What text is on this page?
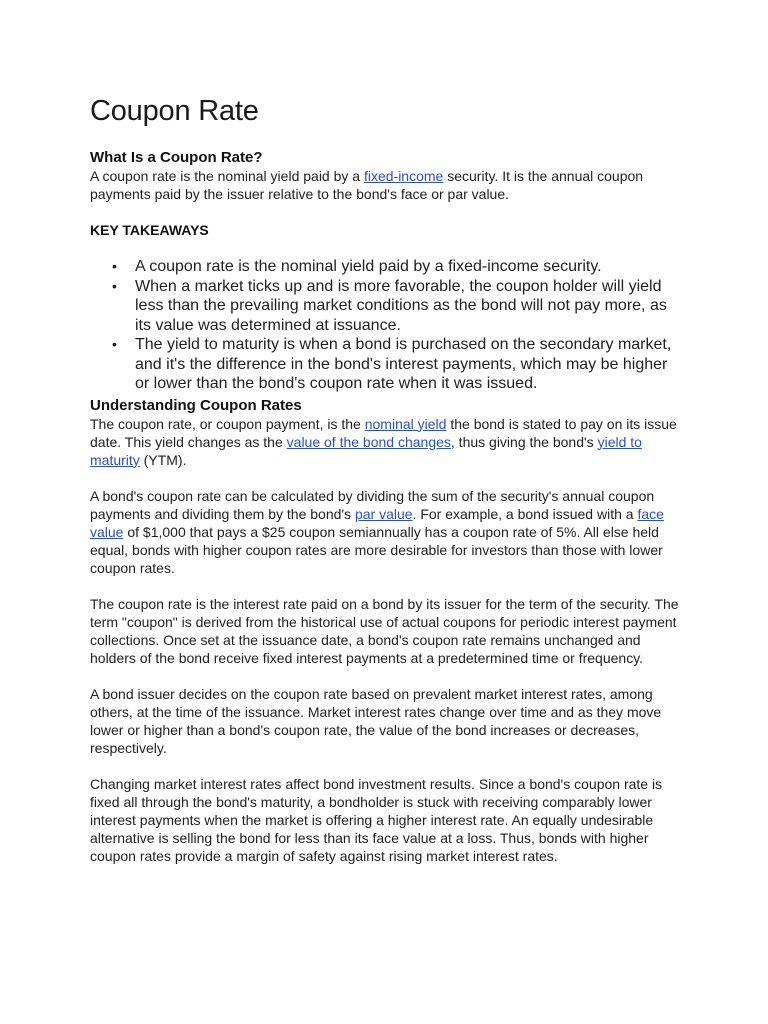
Coupon Rate
What Is a Coupon Rate?

A coupon rate is the nominal yield paid by a fixed-income security. It is the annual coupon payments paid by the issuer relative to the bond's face or par value.

KEY TAKEAWAYS

• A coupon rate is the nominal yield paid by a fixed-income security.
• When a market ticks up and is more favorable, the coupon holder will yield less than the prevailing market conditions as the bond will not pay more, as its value was determined at issuance.
• The yield to maturity is when a bond is purchased on the secondary market, and it's the difference in the bond's interest payments, which may be higher or lower than the bond's coupon rate when it was issued.
Understanding Coupon Rates

The coupon rate, or coupon payment, is the nominal yield the bond is stated to pay on its issue date. This yield changes as the value of the bond changes, thus giving the bond's yield to maturity (YTM).

A bond's coupon rate can be calculated by dividing the sum of the security's annual coupon payments and dividing them by the bond's par value. For example, a bond issued with a face value of $1,000 that pays a $25 coupon semiannually has a coupon rate of 5%. All else held equal, bonds with higher coupon rates are more desirable for investors than those with lower coupon rates.

The coupon rate is the interest rate paid on a bond by its issuer for the term of the security. The term "coupon" is derived from the historical use of actual coupons for periodic interest payment collections. Once set at the issuance date, a bond's coupon rate remains unchanged and holders of the bond receive fixed interest payments at a predetermined time or frequency.

A bond issuer decides on the coupon rate based on prevalent market interest rates, among others, at the time of the issuance. Market interest rates change over time and as they move lower or higher than a bond's coupon rate, the value of the bond increases or decreases, respectively.

Changing market interest rates affect bond investment results. Since a bond's coupon rate is fixed all through the bond's maturity, a bondholder is stuck with receiving comparably lower interest payments when the market is offering a higher interest rate. An equally undesirable alternative is selling the bond for less than its face value at a loss. Thus, bonds with higher coupon rates provide a margin of safety against rising market interest rates.
